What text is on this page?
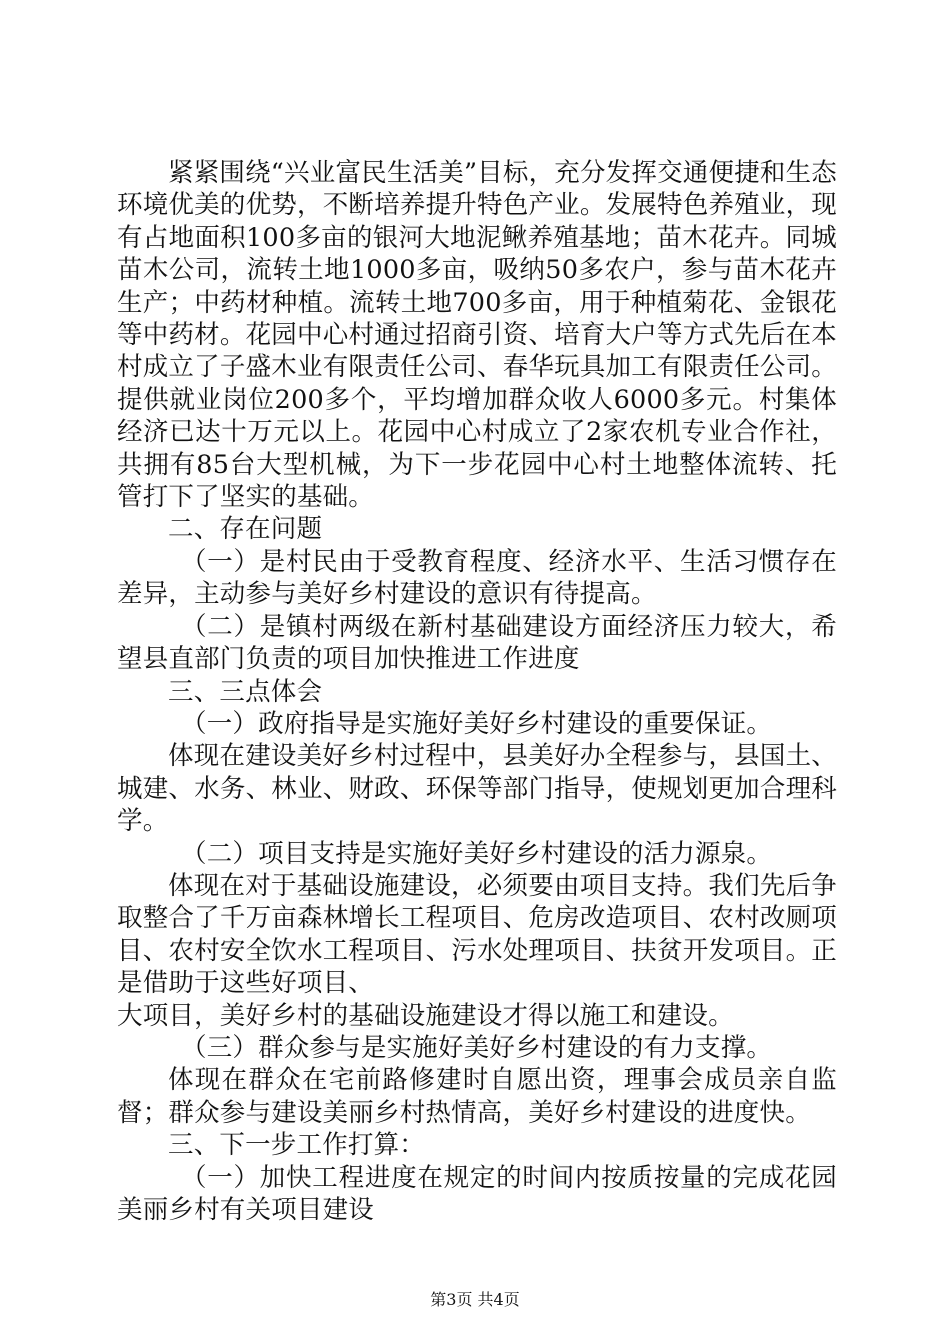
紧紧围绕“兴业富民生活美”目标，充分发挥交通便捷和生态环境优美的优势，不断培养提升特色产业。发展特色养殖业，现有占地面积100多亩的银河大地泥鳅养殖基地；苗木花卉。同城苗木公司，流转土地1000多亩，吸纳50多农户，参与苗木花卉生产；中药材种植。流转土地700多亩，用于种植菊花、金银花等中药材。花园中心村通过招商引资、培育大户等方式先后在本村成立了子盛木业有限责任公司、春华玩具加工有限责任公司。提供就业岗位200多个，平均增加群众收人6000多元。村集体经济已达十万元以上。花园中心村成立了2家农机专业合作社，共拥有85台大型机械，为下一步花园中心村土地整体流转、托管打下了坚实的基础。

二、存在问题

（一）是村民由于受教育程度、经济水平、生活习惯存在差异，主动参与美好乡村建设的意识有待提高。

（二）是镇村两级在新村基础建设方面经济压力较大，希望县直部门负责的项目加快推进工作进度

三、三点体会

（一）政府指导是实施好美好乡村建设的重要保证。

体现在建设美好乡村过程中，县美好办全程参与，县国土、城建、水务、林业、财政、环保等部门指导，使规划更加合理科学。

（二）项目支持是实施好美好乡村建设的活力源泉。

体现在对于基础设施建设，必须要由项目支持。我们先后争取整合了千万亩森林增长工程项目、危房改造项目、农村改厕项目、农村安全饮水工程项目、污水处理项目、扶贫开发项目。正是借助于这些好项目、

大项目，美好乡村的基础设施建设才得以施工和建设。

（三）群众参与是实施好美好乡村建设的有力支撑。

体现在群众在宅前路修建时自愿出资，理事会成员亲自监督；群众参与建设美丽乡村热情高，美好乡村建设的进度快。

三、下一步工作打算：

（一）加快工程进度在规定的时间内按质按量的完成花园美丽乡村有关项目建设

第3页 共4页
